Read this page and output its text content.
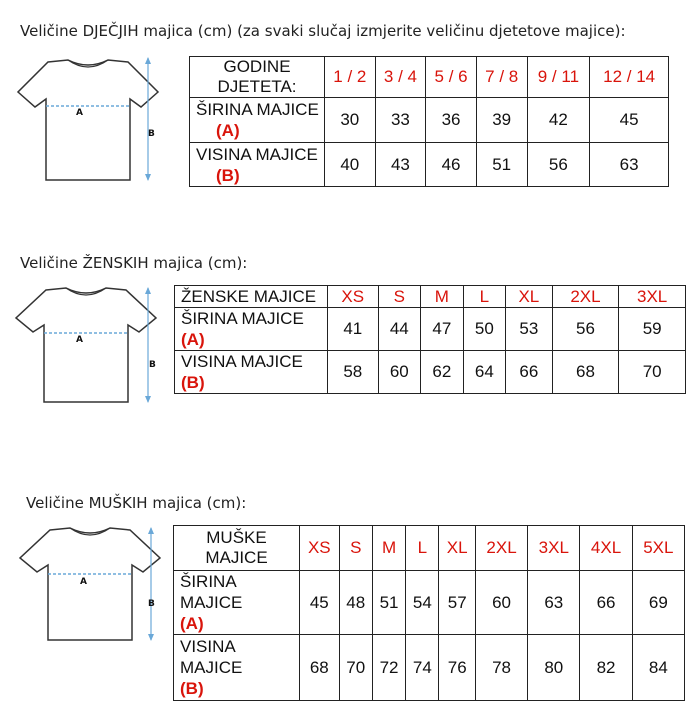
Veličine DJEČJIH majica (cm) (za svaki slučaj izmjerite veličinu djetetove majice):
A
B
GODINE DJETETA:	1 / 2	3 / 4	5 / 6	7 / 8	9 / 11	12 / 14
ŠIRINA MAJICE (A)	30	33	36	39	42	45
VISINA MAJICE (B)	40	43	46	51	56	63
Veličine ŽENSKIH majica (cm):
A
B
ŽENSKE MAJICE	XS	S	M	L	XL	2XL	3XL
ŠIRINA MAJICE
(A)	41	44	47	50	53	56	59
VISINA MAJICE
(B)	58	60	62	64	66	68	70
Veličine MUŠKIH majica (cm):
A
B
MUŠKE MAJICE	XS	S	M	L	XL	2XL	3XL	4XL	5XL
ŠIRINA MAJICE
(A)	45	48	51	54	57	60	63	66	69
VISINA MAJICE
(B)	68	70	72	74	76	78	80	82	84
